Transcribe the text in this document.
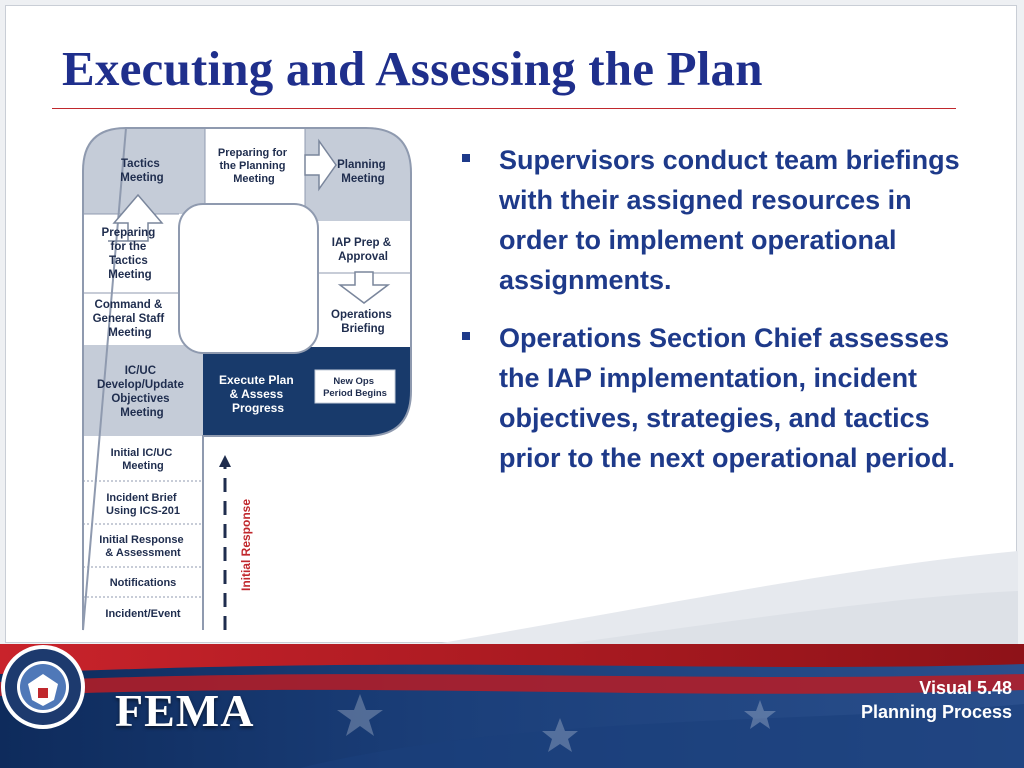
Executing and Assessing the Plan
Tactics Meeting
Preparing for the Planning Meeting
Planning Meeting
Preparing for the Tactics Meeting
IAP Prep & Approval
Command & General Staff Meeting
Operations Briefing
IC/UC Develop/Update Objectives Meeting
Execute Plan & Assess Progress
New Ops Period Begins
Initial IC/UC Meeting
Incident Brief Using ICS-201
Initial Response & Assessment
Notifications
Incident/Event
Initial Response
Supervisors conduct team briefings with their assigned resources in order to implement operational assignments.
Operations Section Chief assesses the IAP implementation, incident objectives, strategies, and tactics prior to the next operational period.
FEMA	Visual 5.48
Planning Process
